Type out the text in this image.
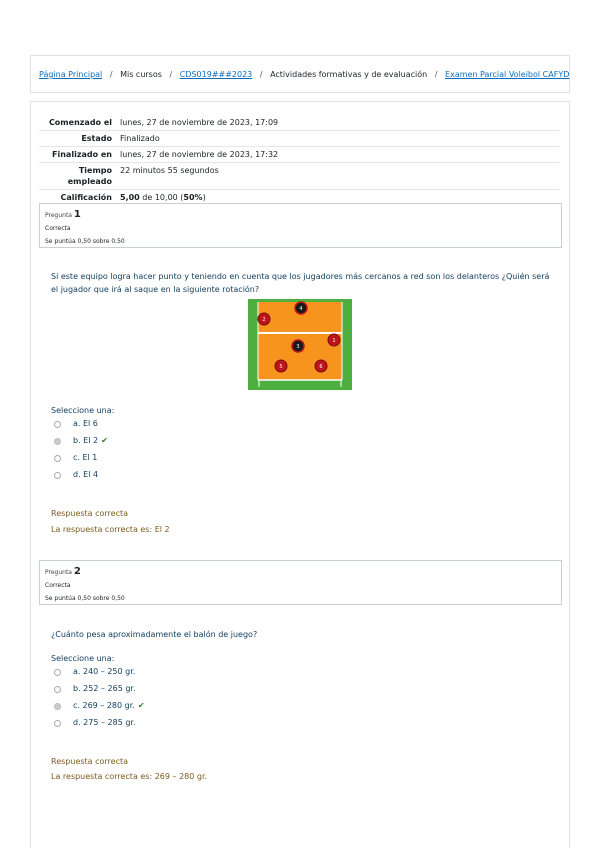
Página Principal / Mis cursos / CDS019###2023 / Actividades formativas y de evaluación / Examen Parcial Voleibol CAFYD
Comenzado el	lunes, 27 de noviembre de 2023, 17:09
Estado	Finalizado
Finalizado en	lunes, 27 de noviembre de 2023, 17:32
Tiempo empleado	22 minutos 55 segundos
Calificación	5,00 de 10,00 (50%)
Pregunta 1
Correcta
Se puntúa 0,50 sobre 0,50
Si este equipo logra hacer punto y teniendo en cuenta que los jugadores más cercanos a red son los delanteros ¿Quién será el jugador que irá al saque en la siguiente rotación?
4
2
3
1
5	6
Seleccione una:
a. El 6
b. El 2 ✔
c. El 1
d. El 4
Respuesta correcta
La respuesta correcta es: El 2
Pregunta 2
Correcta
Se puntúa 0,50 sobre 0,50
¿Cuánto pesa aproximadamente el balón de juego?
Seleccione una:
a. 240 – 250 gr.
b. 252 – 265 gr.
c. 269 – 280 gr. ✔
d. 275 – 285 gr.
Respuesta correcta
La respuesta correcta es: 269 – 280 gr.
